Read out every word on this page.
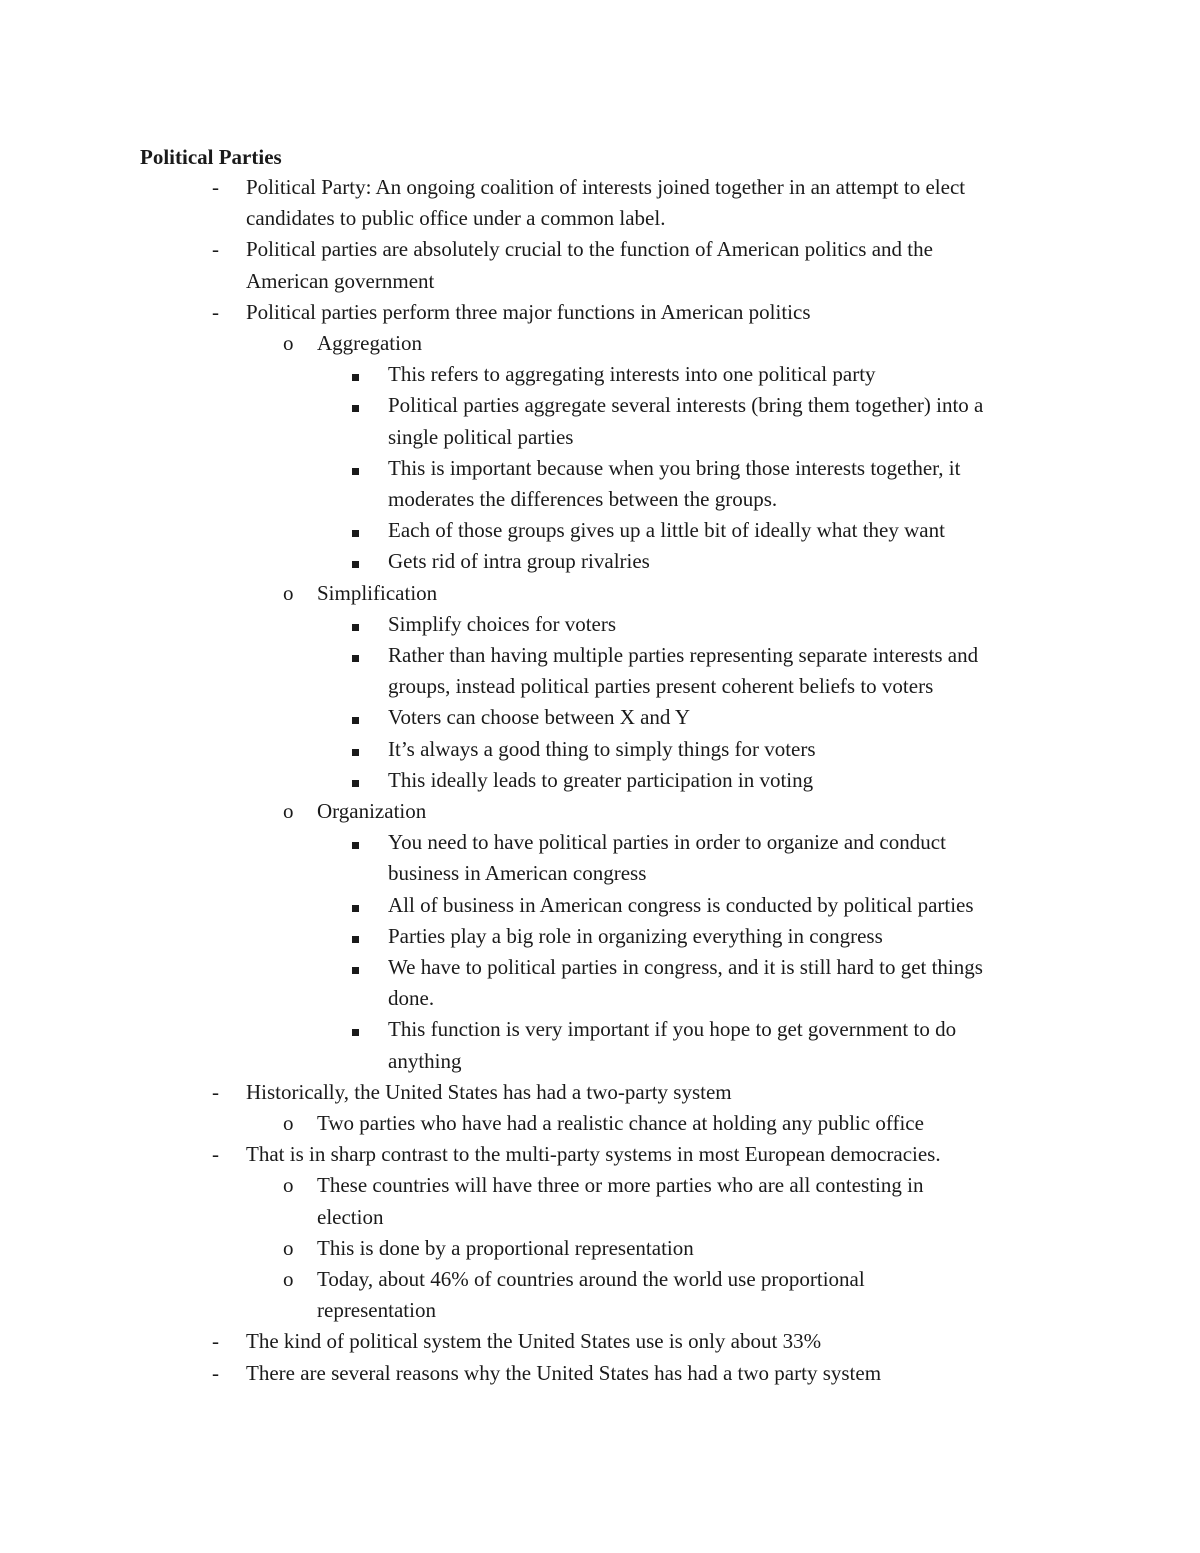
Political Parties
-	Political Party: An ongoing coalition of interests joined together in an attempt to elect
candidates to public office under a common label.
-	Political parties are absolutely crucial to the function of American politics and the
American government
-	Political parties perform three major functions in American politics
o	Aggregation
This refers to aggregating interests into one political party
Political parties aggregate several interests (bring them together) into a
single political parties
This is important because when you bring those interests together, it
moderates the differences between the groups.
Each of those groups gives up a little bit of ideally what they want
Gets rid of intra group rivalries
o	Simplification
Simplify choices for voters
Rather than having multiple parties representing separate interests and
groups, instead political parties present coherent beliefs to voters
Voters can choose between X and Y
It’s always a good thing to simply things for voters
This ideally leads to greater participation in voting
o	Organization
You need to have political parties in order to organize and conduct
business in American congress
All of business in American congress is conducted by political parties
Parties play a big role in organizing everything in congress
We have to political parties in congress, and it is still hard to get things
done.
This function is very important if you hope to get government to do
anything
-	Historically, the United States has had a two-party system
o	Two parties who have had a realistic chance at holding any public office
-	That is in sharp contrast to the multi-party systems in most European democracies.
o	These countries will have three or more parties who are all contesting in
election
o	This is done by a proportional representation
o	Today, about 46% of countries around the world use proportional
representation
-	The kind of political system the United States use is only about 33%
-	There are several reasons why the United States has had a two party system
